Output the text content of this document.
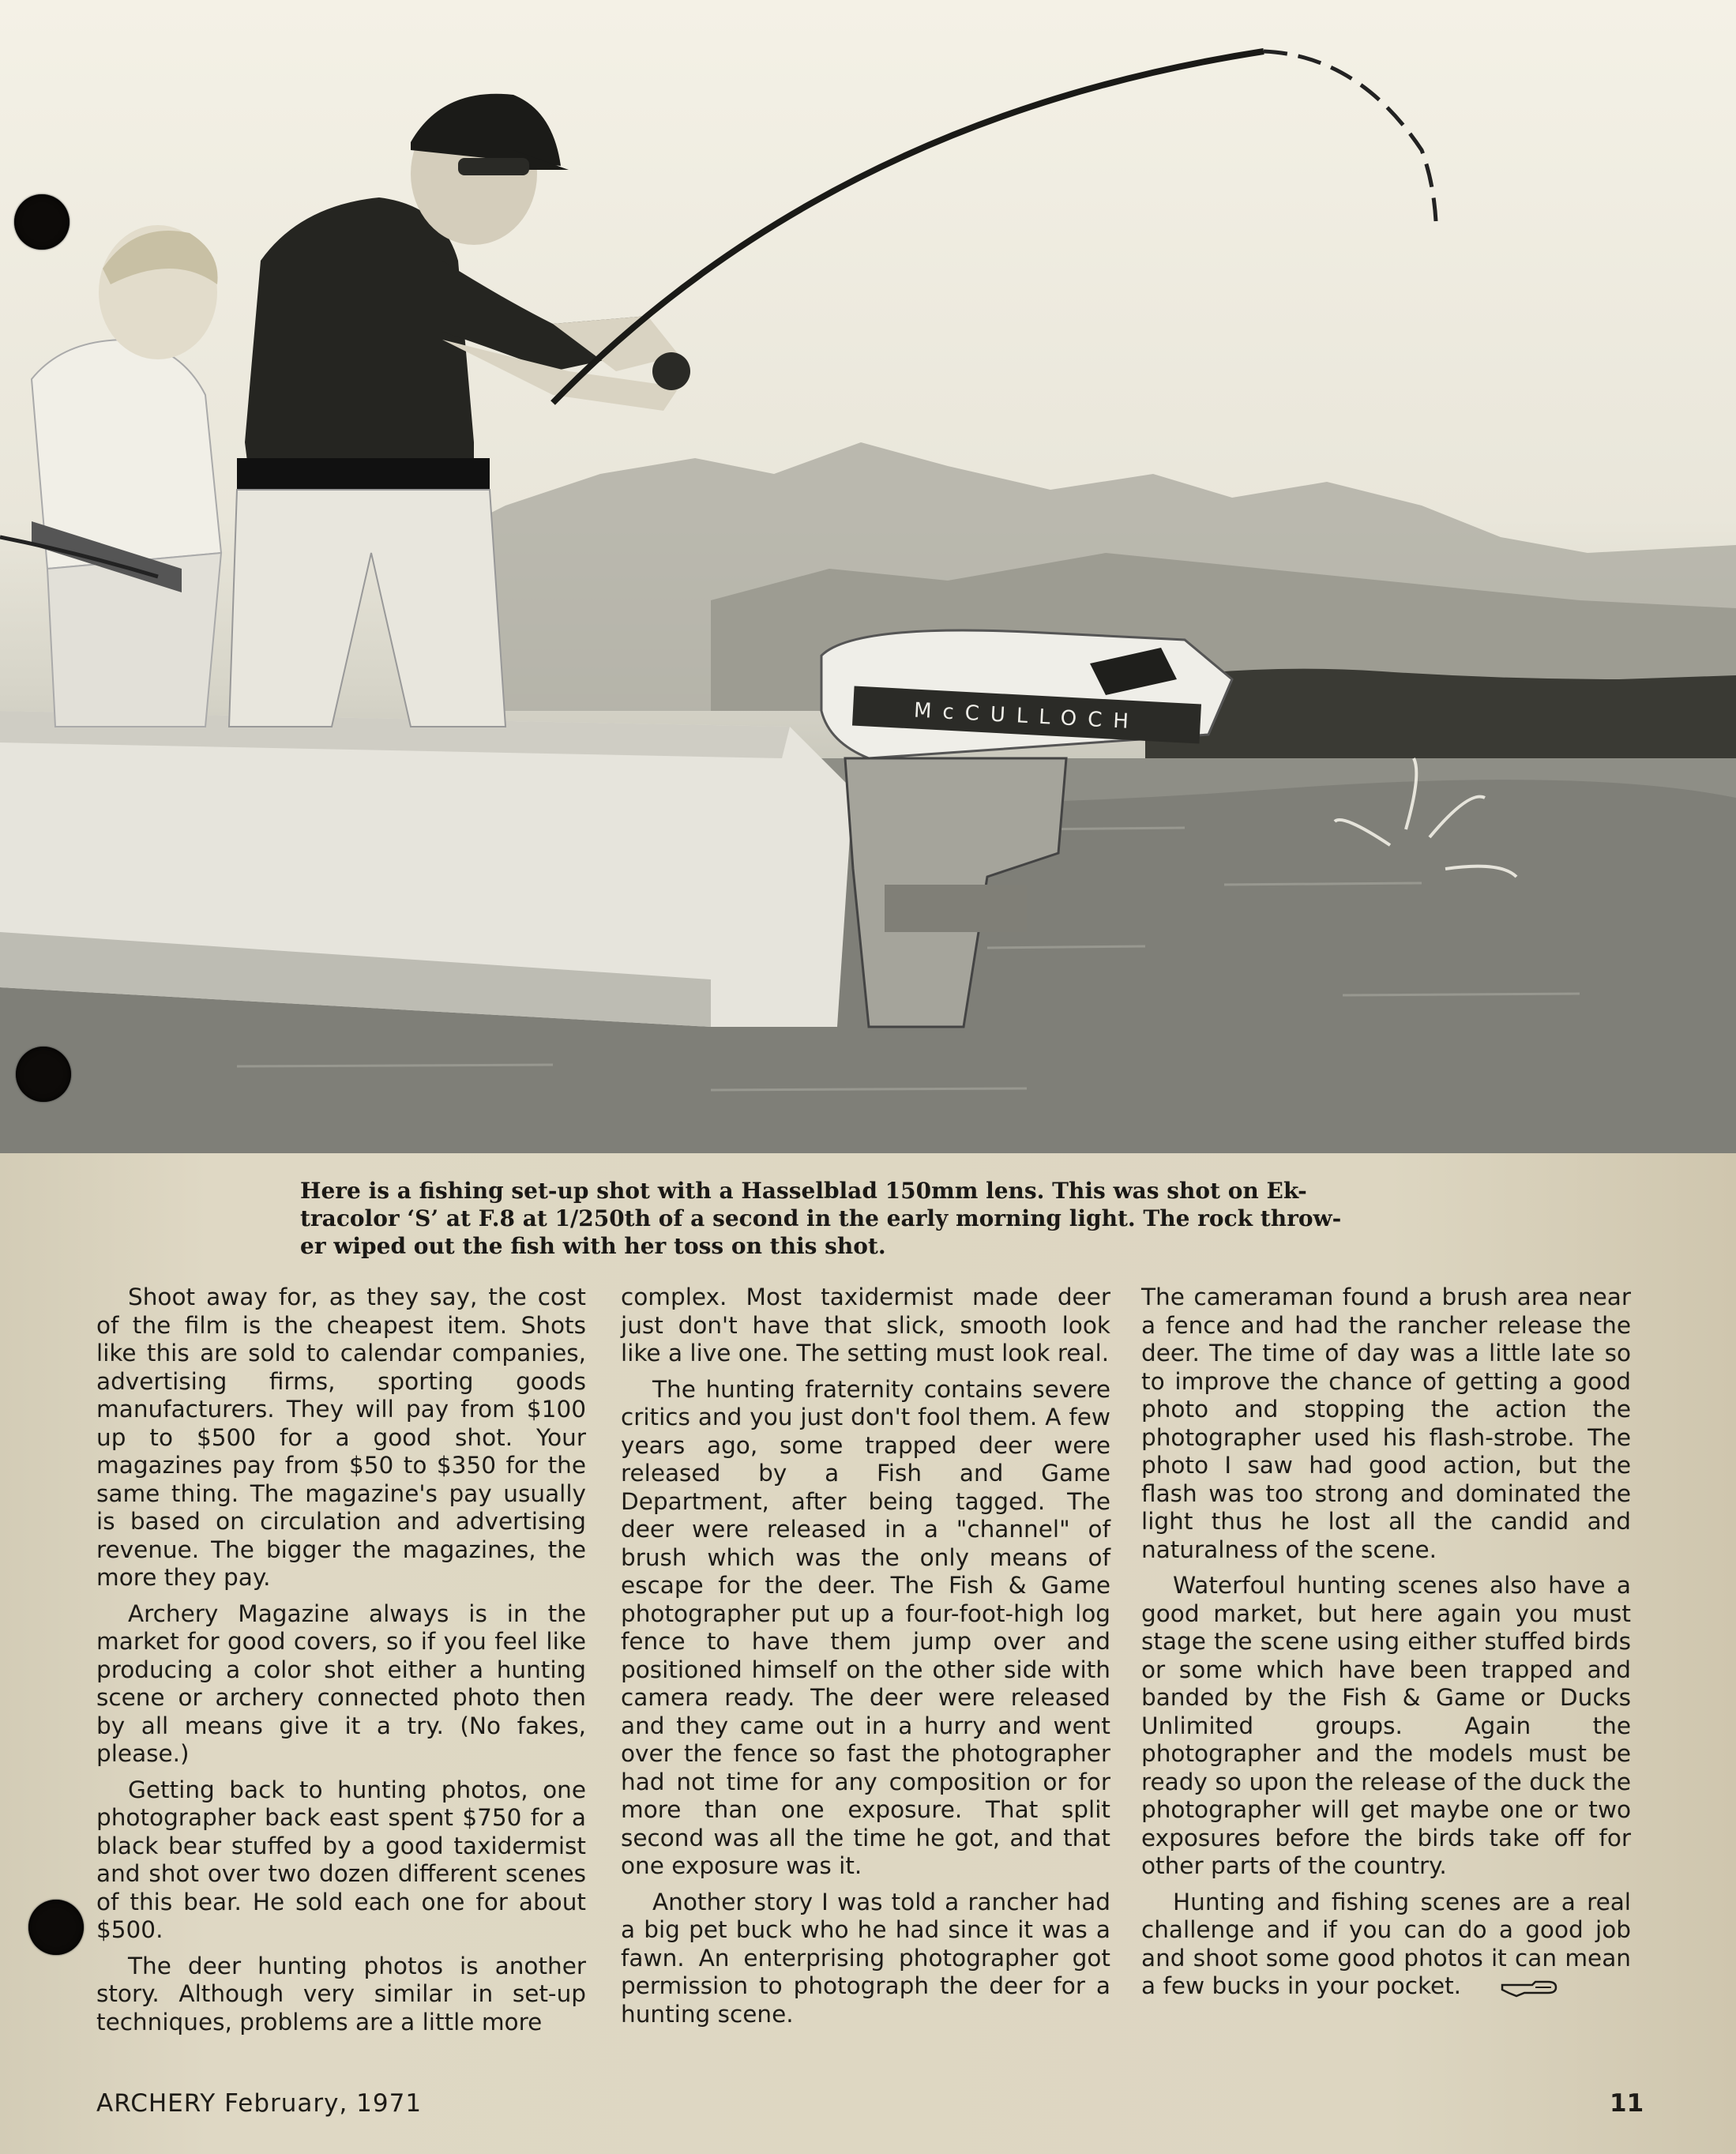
McCULLOCH
Here is a fishing set-up shot with a Hasselblad 150mm lens. This was shot on Ek-
tracolor ‘S’ at F.8 at 1/250th of a second in the early morning light. The rock throw-
er wiped out the fish with her toss on this shot.

Shoot away for, as they say, the cost of the film is the cheapest item. Shots like this are sold to calendar companies, advertising firms, sporting goods manufacturers. They will pay from $100 up to $500 for a good shot. Your magazines pay from $50 to $350 for the same thing. The magazine's pay usually is based on circulation and advertising revenue. The bigger the magazines, the more they pay.

Archery Magazine always is in the market for good covers, so if you feel like producing a color shot either a hunting scene or archery connected photo then by all means give it a try. (No fakes, please.)

Getting back to hunting photos, one photographer back east spent $750 for a black bear stuffed by a good taxidermist and shot over two dozen different scenes of this bear. He sold each one for about $500.

The deer hunting photos is another story. Although very similar in set-up techniques, problems are a little more

complex. Most taxidermist made deer just don't have that slick, smooth look like a live one. The setting must look real.

The hunting fraternity contains severe critics and you just don't fool them. A few years ago, some trapped deer were released by a Fish and Game Department, after being tagged. The deer were released in a "channel" of brush which was the only means of escape for the deer. The Fish & Game photographer put up a four-foot-high log fence to have them jump over and positioned himself on the other side with camera ready. The deer were released and they came out in a hurry and went over the fence so fast the photographer had not time for any composition or for more than one exposure. That split second was all the time he got, and that one exposure was it.

Another story I was told a rancher had a big pet buck who he had since it was a fawn. An enterprising photographer got permission to photograph the deer for a hunting scene.

The cameraman found a brush area near a fence and had the rancher release the deer. The time of day was a little late so to improve the chance of getting a good photo and stopping the action the photographer used his flash-strobe. The photo I saw had good action, but the flash was too strong and dominated the light thus he lost all the candid and naturalness of the scene.

Waterfoul hunting scenes also have a good market, but here again you must stage the scene using either stuffed birds or some which have been trapped and banded by the Fish & Game or Ducks Unlimited groups. Again the photographer and the models must be ready so upon the release of the duck the photographer will get maybe one or two exposures before the birds take off for other parts of the country.

Hunting and fishing scenes are a real challenge and if you can do a good job and shoot some good photos it can mean a few bucks in your pocket.

ARCHERY February, 1971	11
